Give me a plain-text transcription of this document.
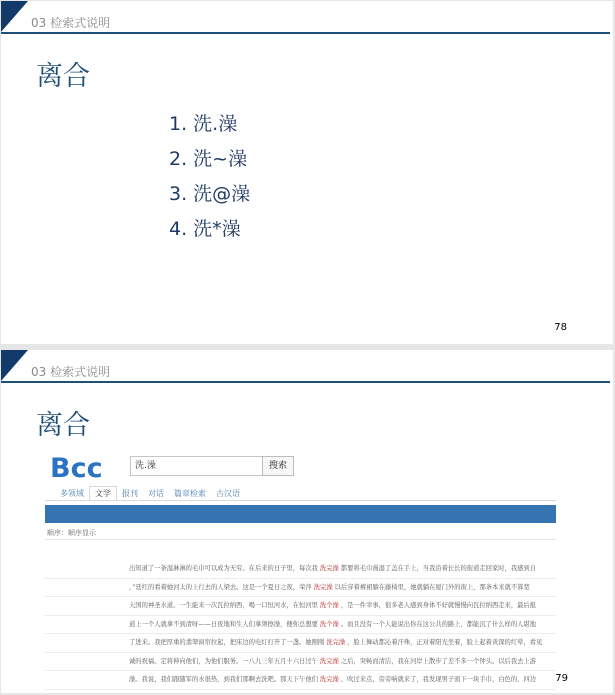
03 检索式说明
离合
1. 洗.澡
2. 洗~澡
3. 洗@澡
4. 洗*澡
78
03 检索式说明
离合
Bcc	洗.澡	搜索
多领域 文学 报刊 对话 篇章检索 古汉语
顺序：顺序显示
出知道了一条湿淋淋的毛巾可以成为无穷。在后来的日子里，每次我 洗完澡 都要将毛巾漫湿了盖在手上，当我沿着长长的街道走回家时，我感到自
，”廷红的看着她河太的上行去的人梁去。这是一个夏日之夜，荣萍 洗完澡 以后穿着裤裙躺在藤椅里，她就躺在厦门外的街上，那条本来就不算宽
天国的神圣水道。一生能来一次瓦拉纳西，喝一口恒河水，在恒河里 洗个澡 ，是一件幸事，很多老人感到身体不好就慢慢向瓦拉纳西走来，最后报
道上一个人就拿不到清呀——日夜地和生人们拿须擦澡，便你总想要 洗个澡 。而且没有一个人能说出你在这公共的路上，都能沉了什么样的人堪地
了进来。我把厚重的翡翠窗帘拉起，把床边的电灯打开了一盏。她刚刚 洗完澡 ，脸上舞动都沁着汗珠，正对着阳光坐着，脸上起着黄深的红晕，看见
诚的祝福。定将伸向他们，为他们服务。一八九三年五月十六日过午 洗完澡 之后，突畅而清洁，我在河岸上散步了差不多一个钟头。以后我去上游
澡。我说，我们跟随军的水很热，到我们那啊去洗吧。那天下午他们 洗完澡 ，吹过来点，旁旁响就来了，我发现男子面下一块手巾，白色的，四边	79
